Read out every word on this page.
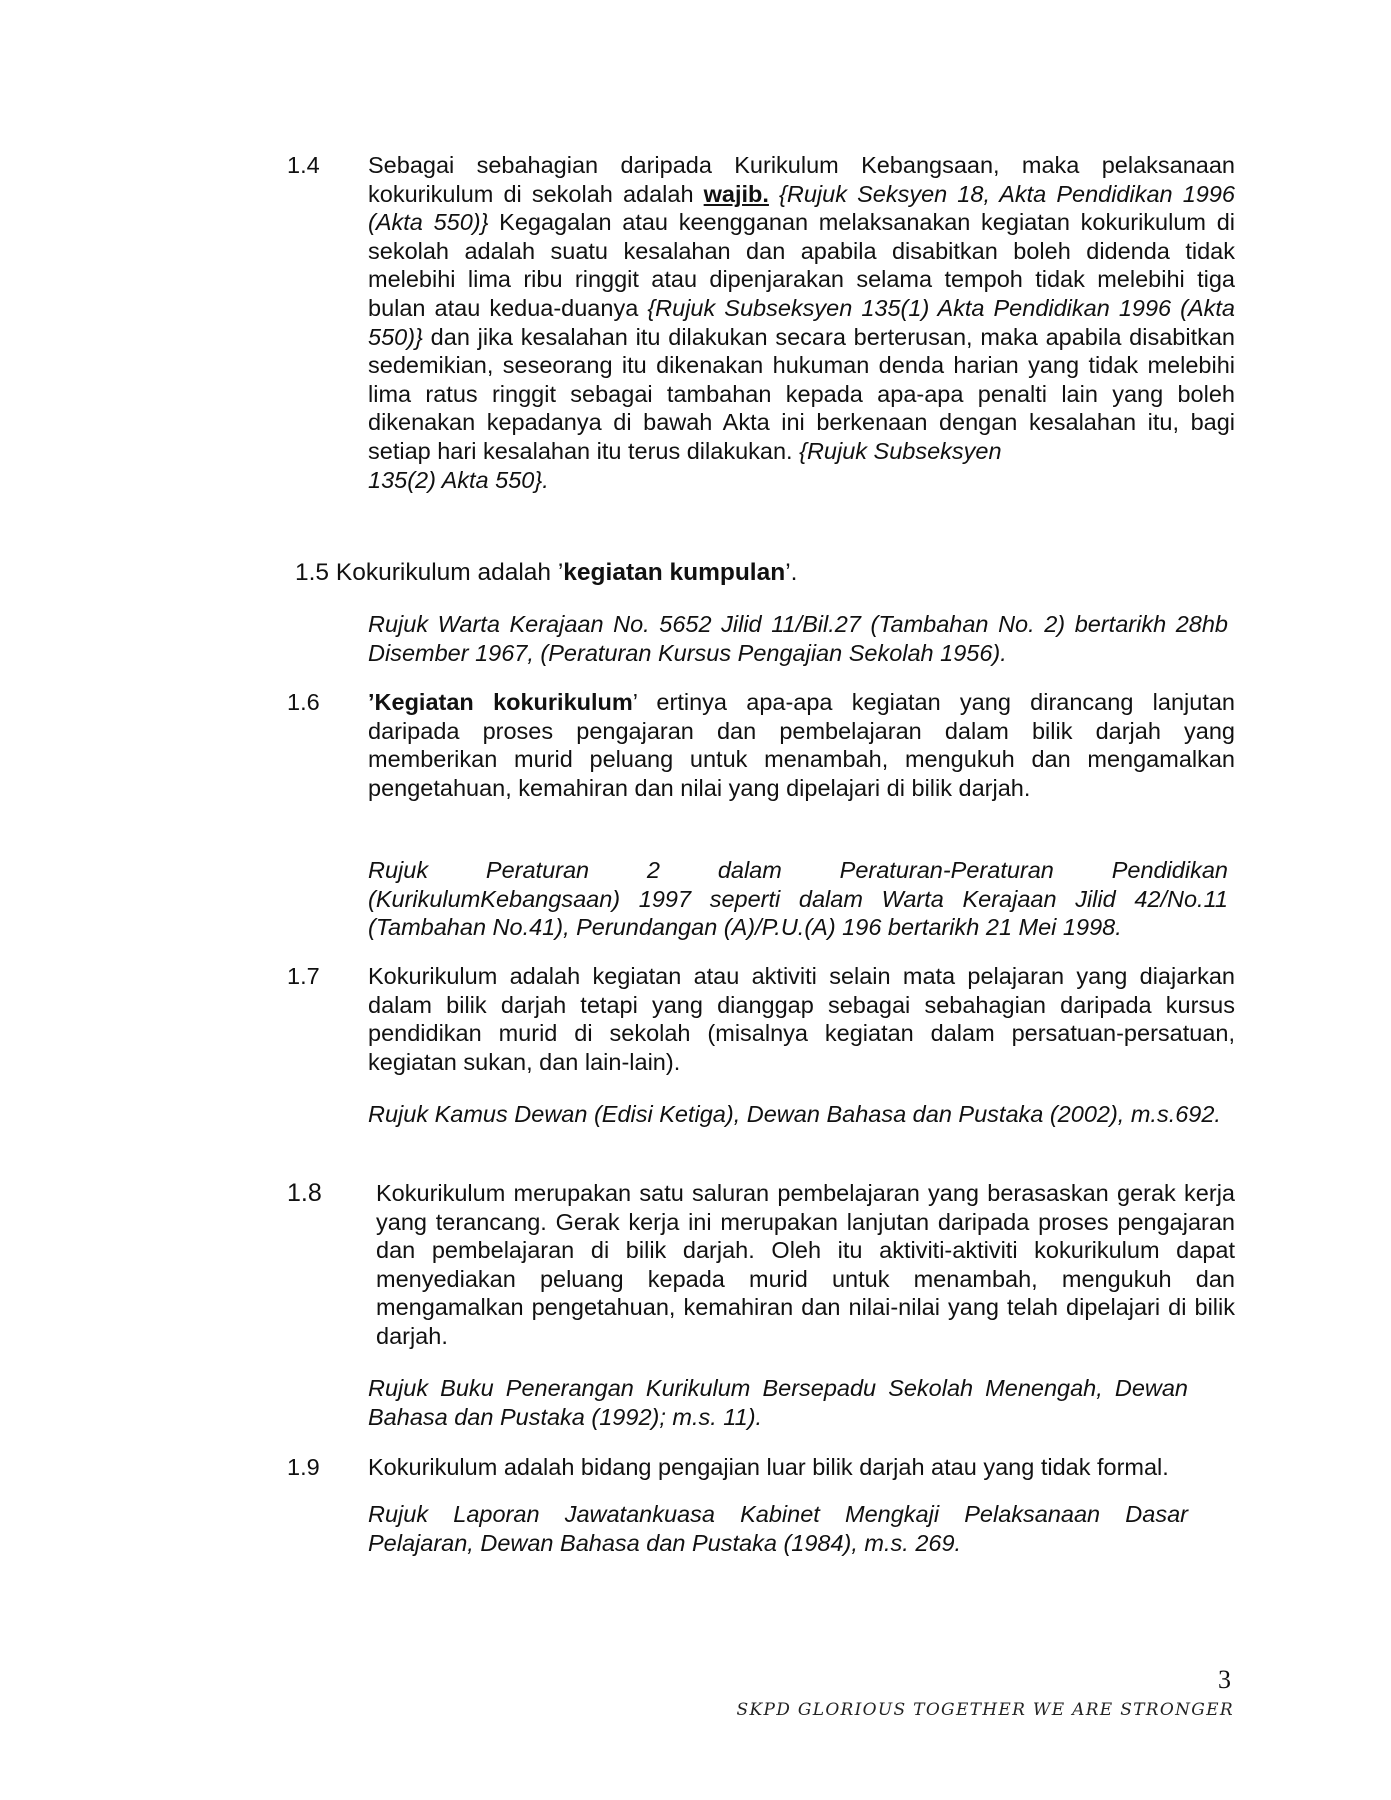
1.4 Sebagai sebahagian daripada Kurikulum Kebangsaan, maka pelaksanaan kokurikulum di sekolah adalah wajib. {Rujuk Seksyen 18, Akta Pendidikan 1996 (Akta 550)} Kegagalan atau keengganan melaksanakan kegiatan kokurikulum di sekolah adalah suatu kesalahan dan apabila disabitkan boleh didenda tidak melebihi lima ribu ringgit atau dipenjarakan selama tempoh tidak melebihi tiga bulan atau kedua-duanya {Rujuk Subseksyen 135(1) Akta Pendidikan 1996 (Akta 550)} dan jika kesalahan itu dilakukan secara berterusan, maka apabila disabitkan sedemikian, seseorang itu dikenakan hukuman denda harian yang tidak melebihi lima ratus ringgit sebagai tambahan kepada apa-apa penalti lain yang boleh dikenakan kepadanya di bawah Akta ini berkenaan dengan kesalahan itu, bagi setiap hari kesalahan itu terus dilakukan. {Rujuk Subseksyen
135(2) Akta 550}.
1.5 Kokurikulum adalah ’kegiatan kumpulan’.
Rujuk Warta Kerajaan No. 5652 Jilid 11/Bil.27 (Tambahan No. 2) bertarikh 28hb Disember 1967, (Peraturan Kursus Pengajian Sekolah 1956).
1.6 ’Kegiatan kokurikulum’ ertinya apa-apa kegiatan yang dirancang lanjutan daripada proses pengajaran dan pembelajaran dalam bilik darjah yang memberikan murid peluang untuk menambah, mengukuh dan mengamalkan pengetahuan, kemahiran dan nilai yang dipelajari di bilik darjah.
Rujuk Peraturan 2 dalam Peraturan-Peraturan Pendidikan (KurikulumKebangsaan) 1997 seperti dalam Warta Kerajaan Jilid 42/No.11 (Tambahan No.41), Perundangan (A)/P.U.(A) 196 bertarikh 21 Mei 1998.
1.7 Kokurikulum adalah kegiatan atau aktiviti selain mata pelajaran yang diajarkan dalam bilik darjah tetapi yang dianggap sebagai sebahagian daripada kursus pendidikan murid di sekolah (misalnya kegiatan dalam persatuan-persatuan, kegiatan sukan, dan lain-lain).
Rujuk Kamus Dewan (Edisi Ketiga), Dewan Bahasa dan Pustaka (2002), m.s.692.
1.8 Kokurikulum merupakan satu saluran pembelajaran yang berasaskan gerak kerja yang terancang. Gerak kerja ini merupakan lanjutan daripada proses pengajaran dan pembelajaran di bilik darjah. Oleh itu aktiviti-aktiviti kokurikulum dapat menyediakan peluang kepada murid untuk menambah, mengukuh dan mengamalkan pengetahuan, kemahiran dan nilai-nilai yang telah dipelajari di bilik darjah.
Rujuk Buku Penerangan Kurikulum Bersepadu Sekolah Menengah, Dewan Bahasa dan Pustaka (1992); m.s. 11).
1.9 Kokurikulum adalah bidang pengajian luar bilik darjah atau yang tidak formal.
Rujuk Laporan Jawatankuasa Kabinet Mengkaji Pelaksanaan Dasar Pelajaran, Dewan Bahasa dan Pustaka (1984), m.s. 269.
3
SKPD GLORIOUS TOGETHER WE ARE STRONGER
